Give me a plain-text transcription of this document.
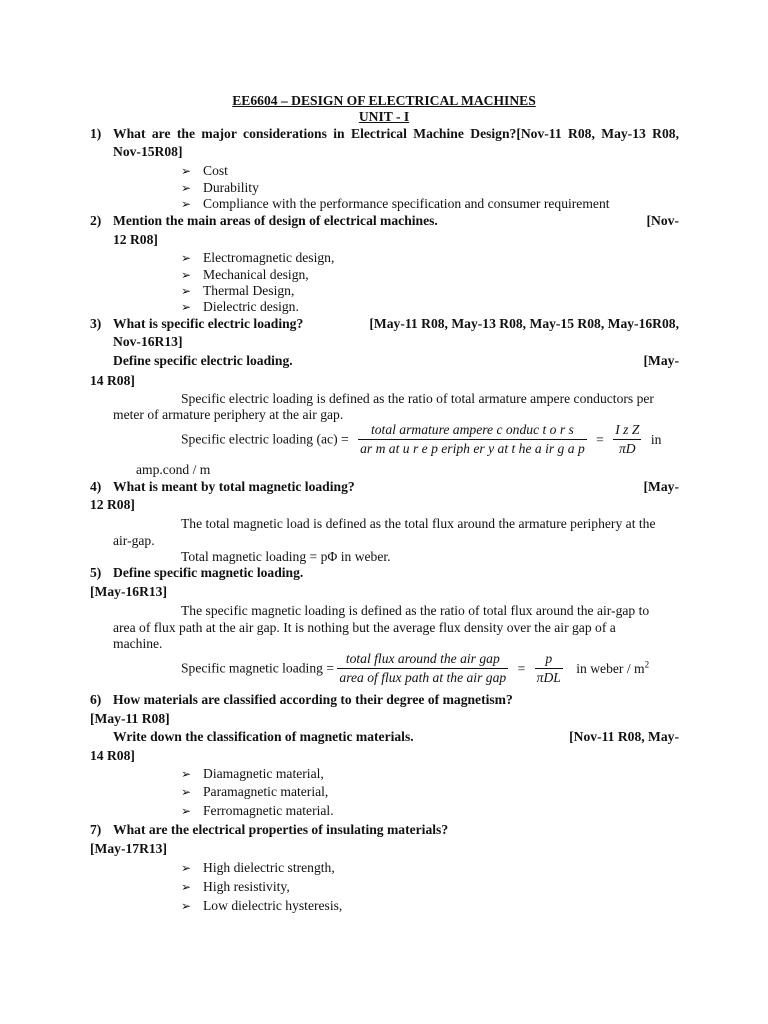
EE6604 – DESIGN OF ELECTRICAL MACHINES
UNIT - I
1) What are the major considerations in Electrical Machine Design?[Nov-11 R08, May-13 R08,
Nov-15R08]
➢ Cost
➢ Durability
➢ Compliance with the performance specification and consumer requirement
2) Mention the main areas of design of electrical machines.	[Nov-
12 R08]
➢ Electromagnetic design,
➢ Mechanical design,
➢ Thermal Design,
➢ Dielectric design.
3) What is specific electric loading?	[May-11 R08, May-13 R08, May-15 R08, May-16R08,
Nov-16R13]
Define specific electric loading.	[May-
14 R08]
Specific electric loading is defined as the ratio of total armature ampere conductors per
meter of armature periphery at the air gap.
Specific electric loading $(ac) = \frac{\text{total armature ampere c onduc t o r s}}{\text{ar m at u r e p eriph er y at t he a ir g a p}} = \frac{\text{I z Z}}{\pi D}$ in
amp.cond / m
4) What is meant by total magnetic loading?	[May-
12 R08]
The total magnetic load is defined as the total flux around the armature periphery at the
air-gap.
Total magnetic loading = pΦ in weber.
5) Define specific magnetic loading.
[May-16R13]
The specific magnetic loading is defined as the ratio of total flux around the air-gap to
area of flux path at the air gap. It is nothing but the average flux density over the air gap of a
machine.
Specific magnetic loading = $\frac{\text{total flux around the air gap}}{\text{area of flux path at the air gap}} = \frac{p}{\text{πDL}}$ in weber / $m^2$
6) How materials are classified according to their degree of magnetism?
[May-11 R08]
Write down the classification of magnetic materials.	[Nov-11 R08, May-
14 R08]
➢ Diamagnetic material,
➢ Paramagnetic material,
➢ Ferromagnetic material.
7) What are the electrical properties of insulating materials?
[May-17R13]
➢ High dielectric strength,
➢ High resistivity,
➢ Low dielectric hysteresis,
